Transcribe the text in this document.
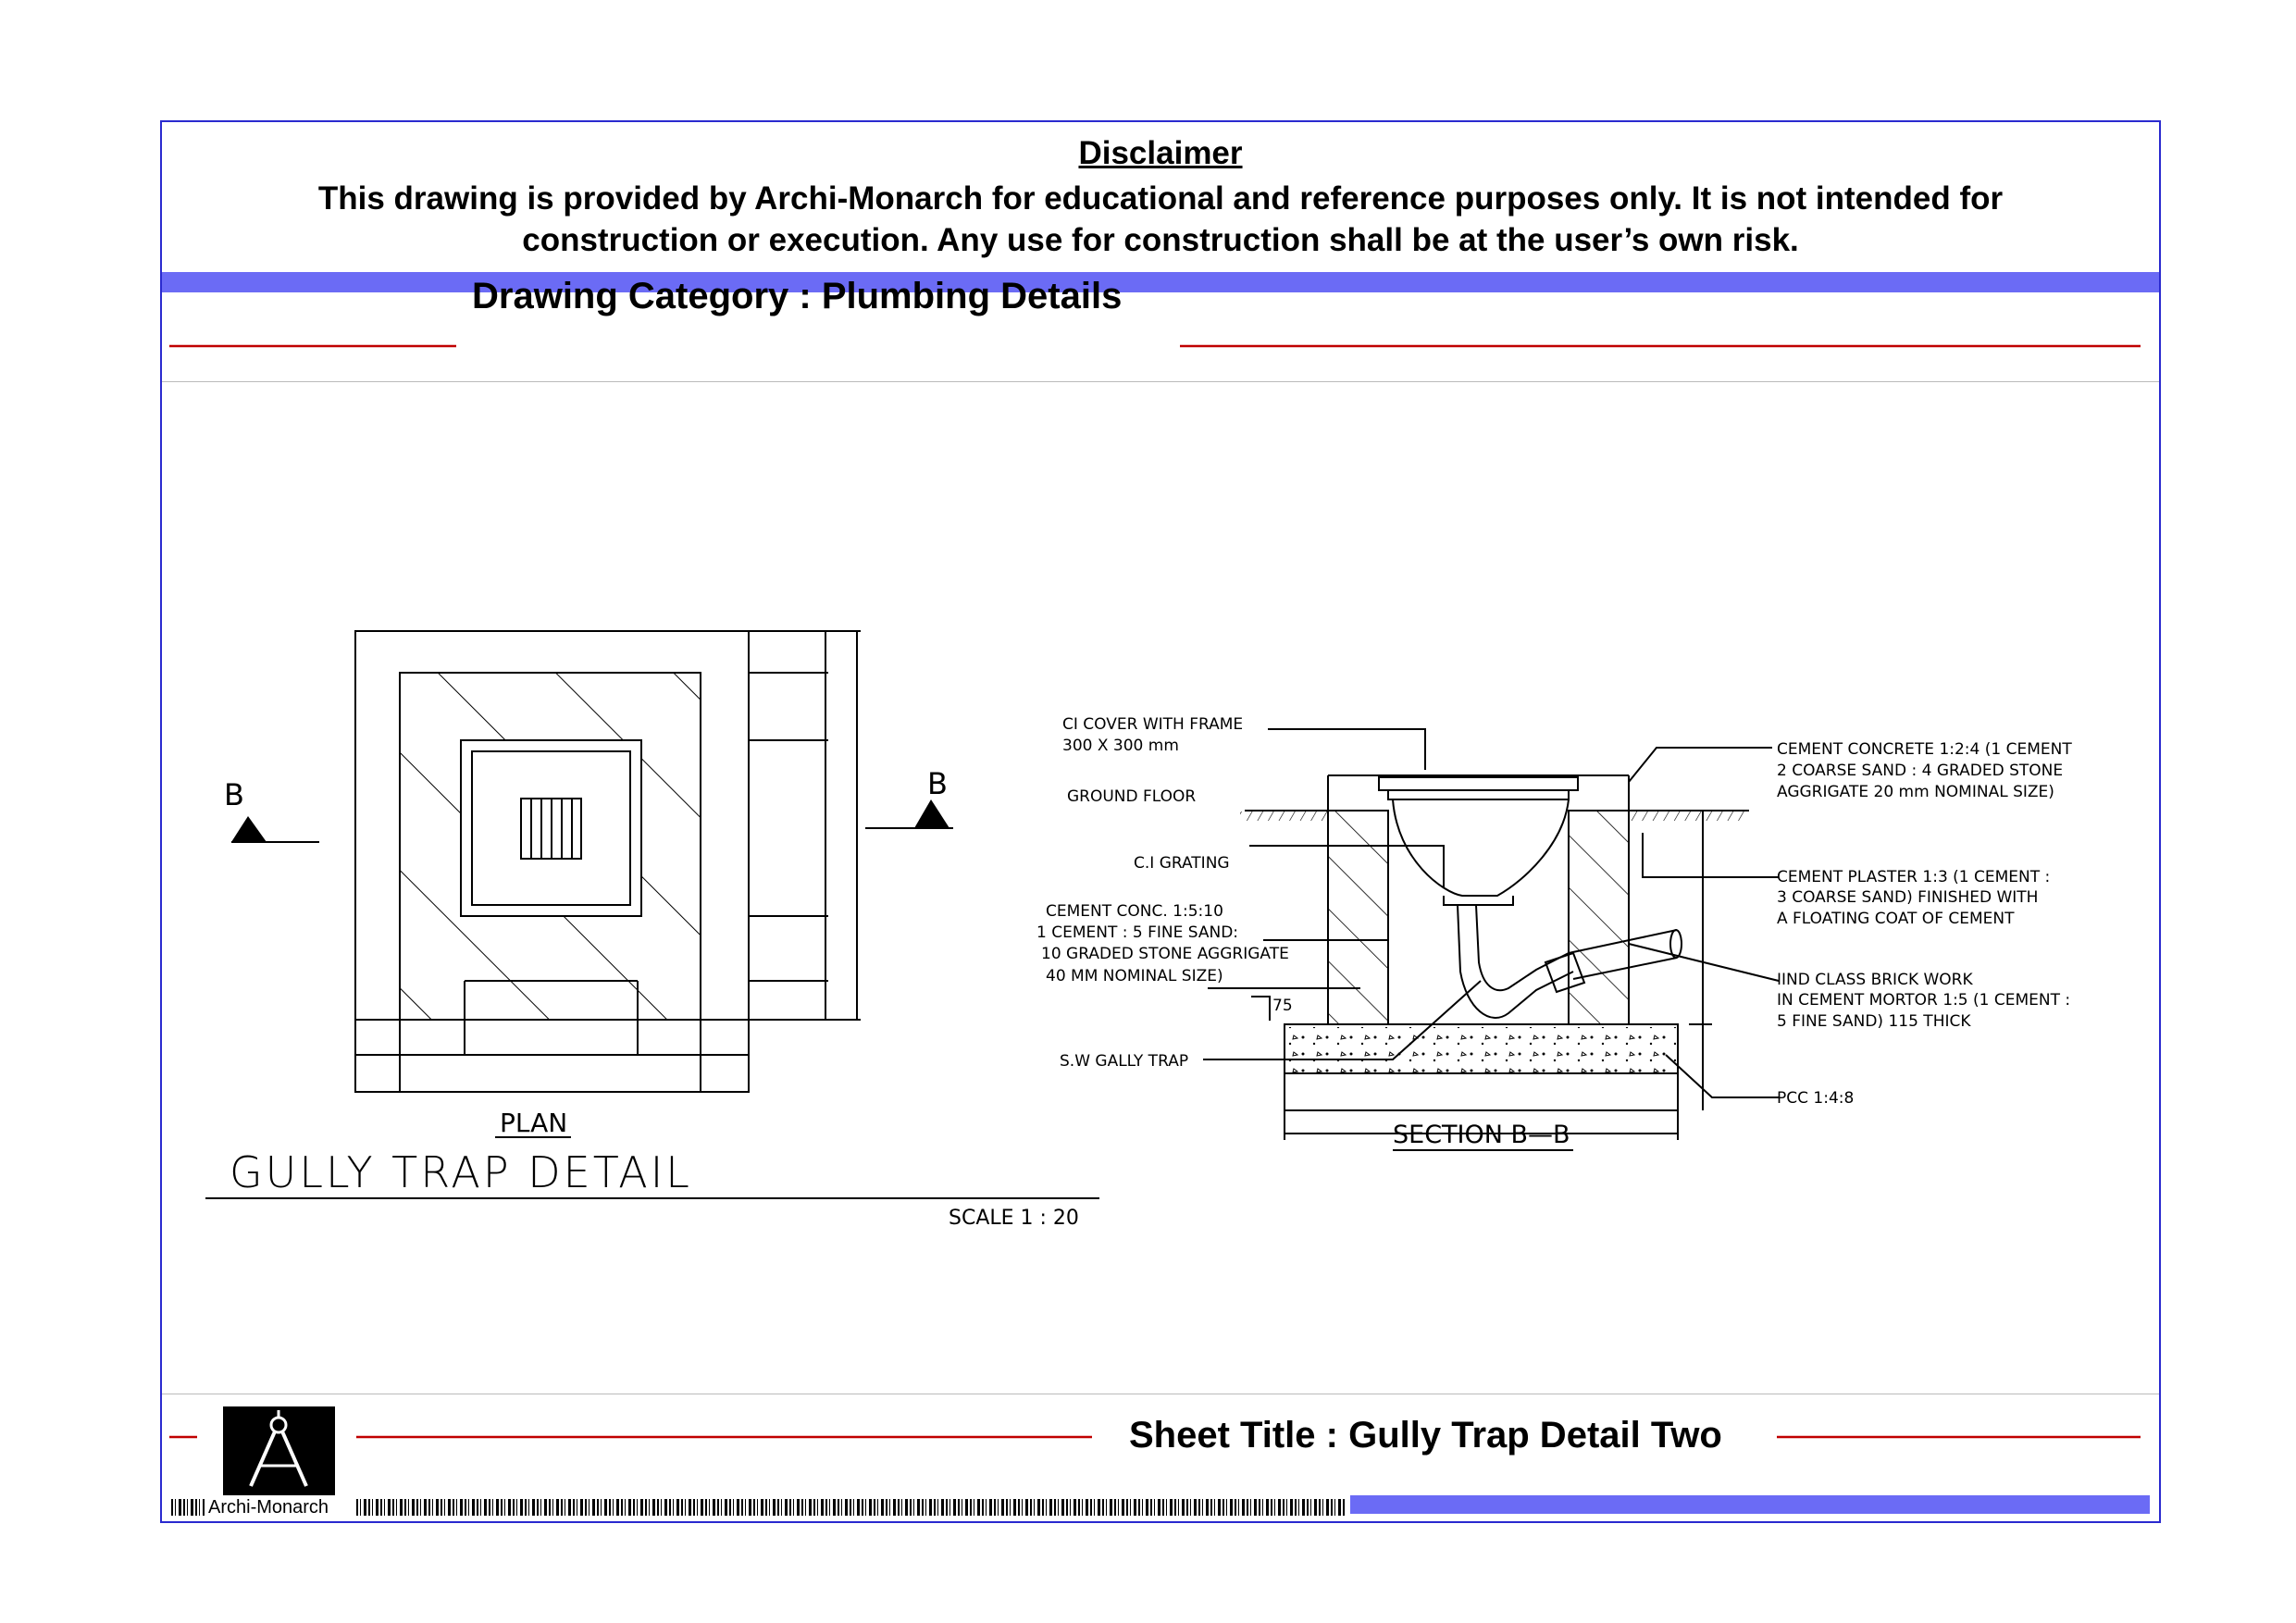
Disclaimer
This drawing is provided by Archi-Monarch for educational and reference purposes only. It is not intended for construction or execution. Any use for construction shall be at the user’s own risk.
Drawing Category : Plumbing Details
Sheet Title : Gully Trap Detail Two
Archi-Monarch
B	B
PLAN
GULLY TRAP DETAIL
SCALE 1 : 20
CI COVER WITH FRAME
300 X 300 mm
GROUND FLOOR
C.I GRATING
CEMENT CONC. 1:5:10
1 CEMENT : 5 FINE SAND:
10 GRADED STONE AGGRIGATE
40 MM NOMINAL SIZE)
75
S.W GALLY TRAP
CEMENT CONCRETE 1:2:4 (1 CEMENT
2 COARSE SAND : 4 GRADED STONE
AGGRIGATE 20 mm NOMINAL SIZE)
CEMENT PLASTER 1:3 (1 CEMENT :
3 COARSE SAND) FINISHED WITH
A FLOATING COAT OF CEMENT
IIND CLASS BRICK WORK
IN CEMENT MORTOR 1:5 (1 CEMENT :
5 FINE SAND) 115 THICK
PCC 1:4:8
SECTION B—B
